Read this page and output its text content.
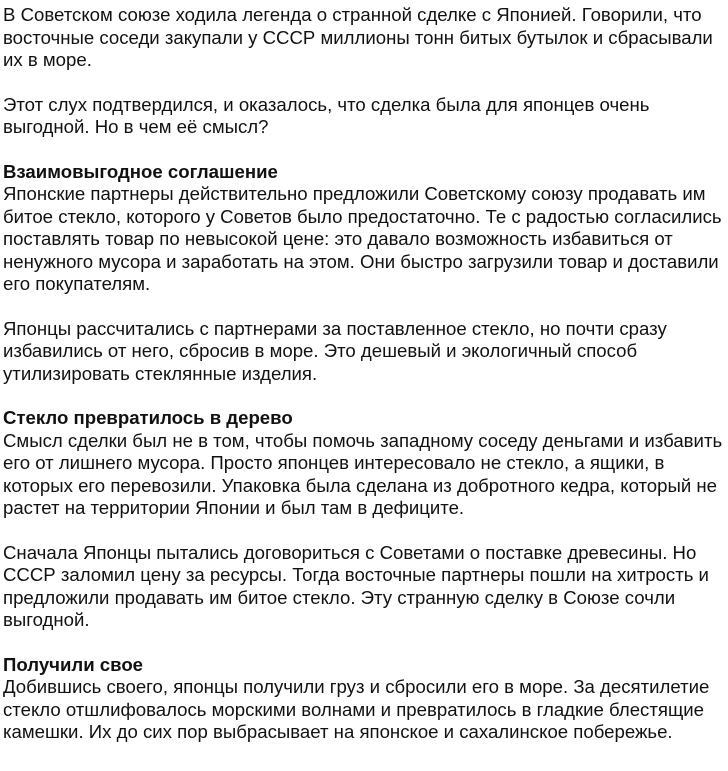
В Советском союзе ходила легенда о странной сделке с Японией. Говорили, что восточные соседи закупали у СССР миллионы тонн битых бутылок и сбрасывали их в море.

Этот слух подтвердился, и оказалось, что сделка была для японцев очень выгодной. Но в чем её смысл?

Взаимовыгодное соглашение

Японские партнеры действительно предложили Советскому союзу продавать им битое стекло, которого у Советов было предостаточно. Те с радостью согласились поставлять товар по невысокой цене: это давало возможность избавиться от ненужного мусора и заработать на этом. Они быстро загрузили товар и доставили его покупателям.

Японцы рассчитались с партнерами за поставленное стекло, но почти сразу избавились от него, сбросив в море. Это дешевый и экологичный способ утилизировать стеклянные изделия.

Стекло превратилось в дерево

Смысл сделки был не в том, чтобы помочь западному соседу деньгами и избавить его от лишнего мусора. Просто японцев интересовало не стекло, а ящики, в которых его перевозили. Упаковка была сделана из добротного кедра, который не растет на территории Японии и был там в дефиците.

Сначала Японцы пытались договориться с Советами о поставке древесины. Но СССР заломил цену за ресурсы. Тогда восточные партнеры пошли на хитрость и предложили продавать им битое стекло. Эту странную сделку в Союзе сочли выгодной.

Получили свое

Добившись своего, японцы получили груз и сбросили его в море. За десятилетие стекло отшлифовалось морскими волнами и превратилось в гладкие блестящие камешки. Их до сих пор выбрасывает на японское и сахалинское побережье.
